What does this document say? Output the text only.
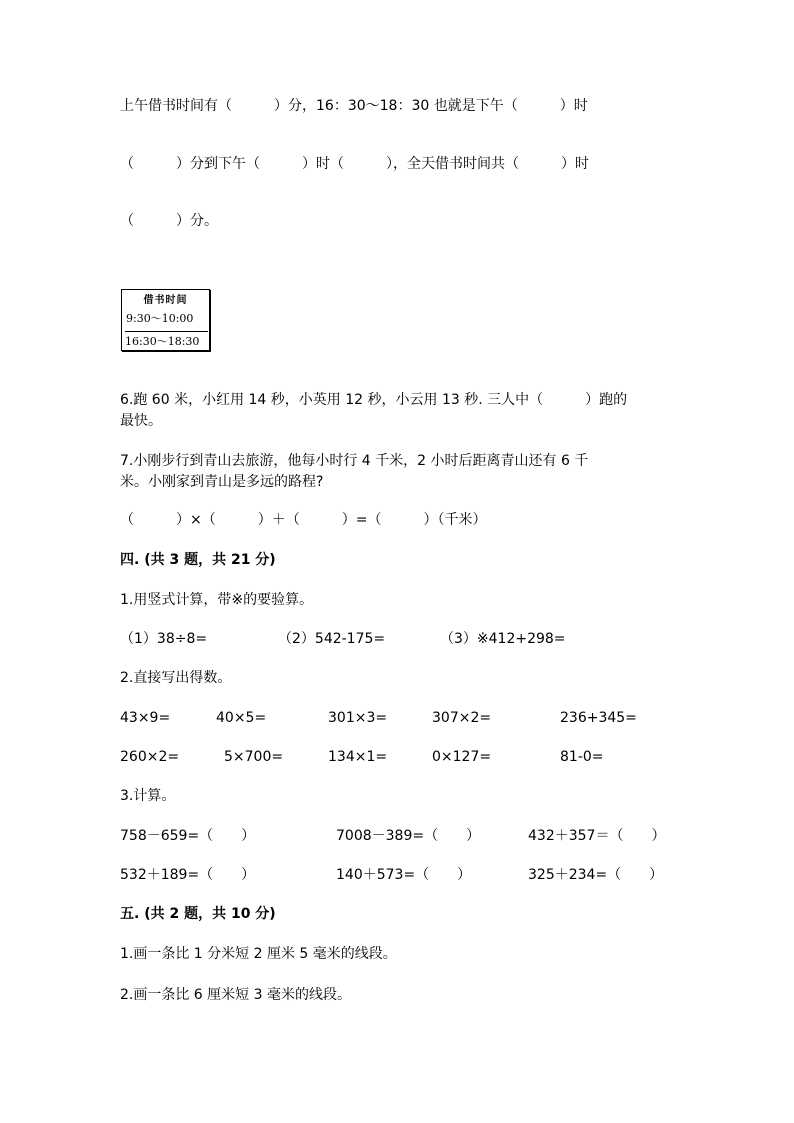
上午借书时间有（　　　）分，16：30～18：30 也就是下午（　　　）时
（　　　）分到下午（　　　）时（　　　），全天借书时间共（　　　）时
（　　　）分。
借书时间
9:30～10:00
16:30～18:30
6.跑 60 米，小红用 14 秒，小英用 12 秒，小云用 13 秒. 三人中（　　　）跑的
最快。
7.小刚步行到青山去旅游，他每小时行 4 千米，2 小时后距离青山还有 6 千
米。小刚家到青山是多远的路程?
（　　　）×（　　　）＋（　　　）=（　　　）（千米）
四. (共 3 题，共 21 分)
1.用竖式计算，带※的要验算。
（1）38÷8=	（2）542-175=	（3）※412+298=
2.直接写出得数。
43×9=	40×5=	301×3=	307×2=	236+345=
260×2=	5×700=	134×1=	0×127=	81-0=
3.计算。
758－659=（　　）	7008－389=（　　）	432＋357＝（　　）
532＋189=（　　）	140＋573=（　　）	325＋234=（　　）
五. (共 2 题，共 10 分)
1.画一条比 1 分米短 2 厘米 5 毫米的线段。
2.画一条比 6 厘米短 3 毫米的线段。
